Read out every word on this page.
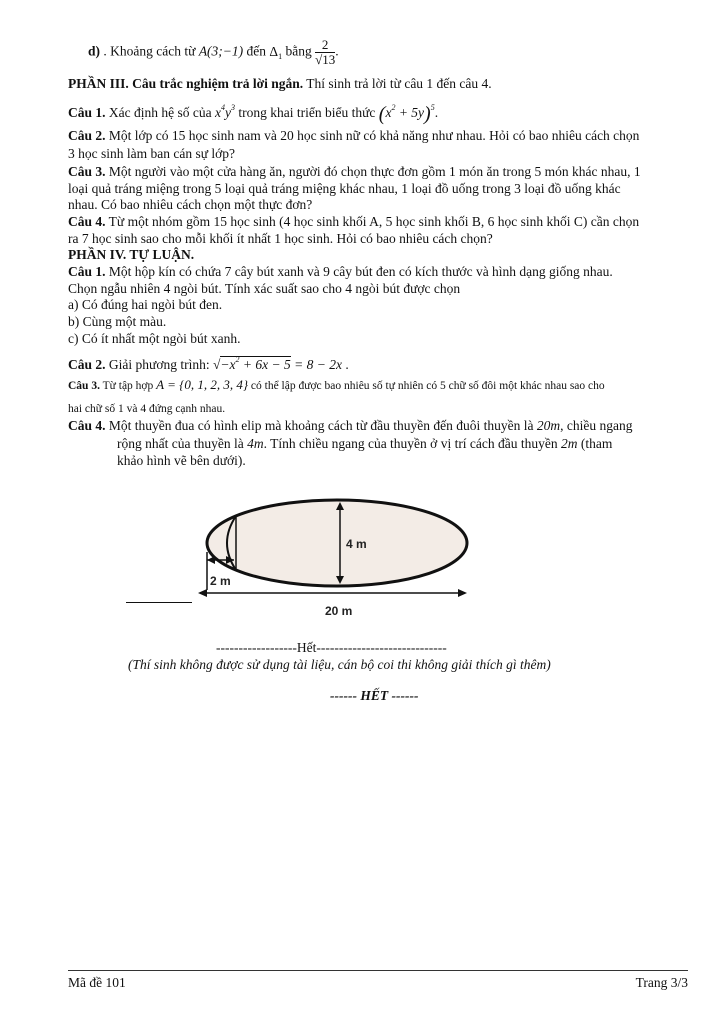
d) . Khoảng cách từ A(3;−1) đến $\Delta_1$ bằng $\frac{2}{√13}$ .
PHẦN III. Câu trắc nghiệm trả lời ngắn. Thí sinh trả lời từ câu 1 đến câu 4.
Câu 1. Xác định hệ số của $x^4y^3$ trong khai triển biểu thức $(x^2 + 5y)^5$.
Câu 2. Một lớp có 15 học sinh nam và 20 học sinh nữ có khả năng như nhau. Hỏi có bao nhiêu cách chọn
3 học sinh làm ban cán sự lớp?
Câu 3. Một người vào một cửa hàng ăn, người đó chọn thực đơn gồm 1 món ăn trong 5 món khác nhau, 1
loại quả tráng miệng trong 5 loại quả tráng miệng khác nhau, 1 loại đồ uống trong 3 loại đồ uống khác
nhau. Có bao nhiêu cách chọn một thực đơn?
Câu 4. Từ một nhóm gồm 15 học sinh (4 học sinh khối A, 5 học sinh khối B, 6 học sinh khối C) cần chọn
ra 7 học sinh sao cho mỗi khối ít nhất 1 học sinh. Hỏi có bao nhiêu cách chọn?
PHẦN IV. TỰ LUẬN.
Câu 1. Một hộp kín có chứa 7 cây bút xanh và 9 cây bút đen có kích thước và hình dạng giống nhau.
Chọn ngẫu nhiên 4 ngòi bút. Tính xác suất sao cho 4 ngòi bút được chọn
a) Có đúng hai ngòi bút đen.
b) Cùng một màu.
c) Có ít nhất một ngòi bút xanh.
Câu 2. Giải phương trình: $√-x^2 + 6x - 5 = 8 - 2x$ .
Câu 3. Từ tập hợp A = {0, 1, 2, 3, 4} có thể lập được bao nhiêu số tự nhiên có 5 chữ số đôi một khác nhau sao cho
hai chữ số 1 và 4 đứng cạnh nhau.
Câu 4. Một thuyền đua có hình elip mà khoảng cách từ đầu thuyền đến đuôi thuyền là 20m, chiều ngang
rộng nhất của thuyền là 4m. Tính chiều ngang của thuyền ở vị trí cách đầu thuyền 2m (tham
khảo hình vẽ bên dưới).
4 m
2 m
20 m
------------------Hết-----------------------------
(Thí sinh không được sử dụng tài liệu, cán bộ coi thi không giải thích gì thêm)
------ HẾT ------
Mã đề 101	Trang 3/3
